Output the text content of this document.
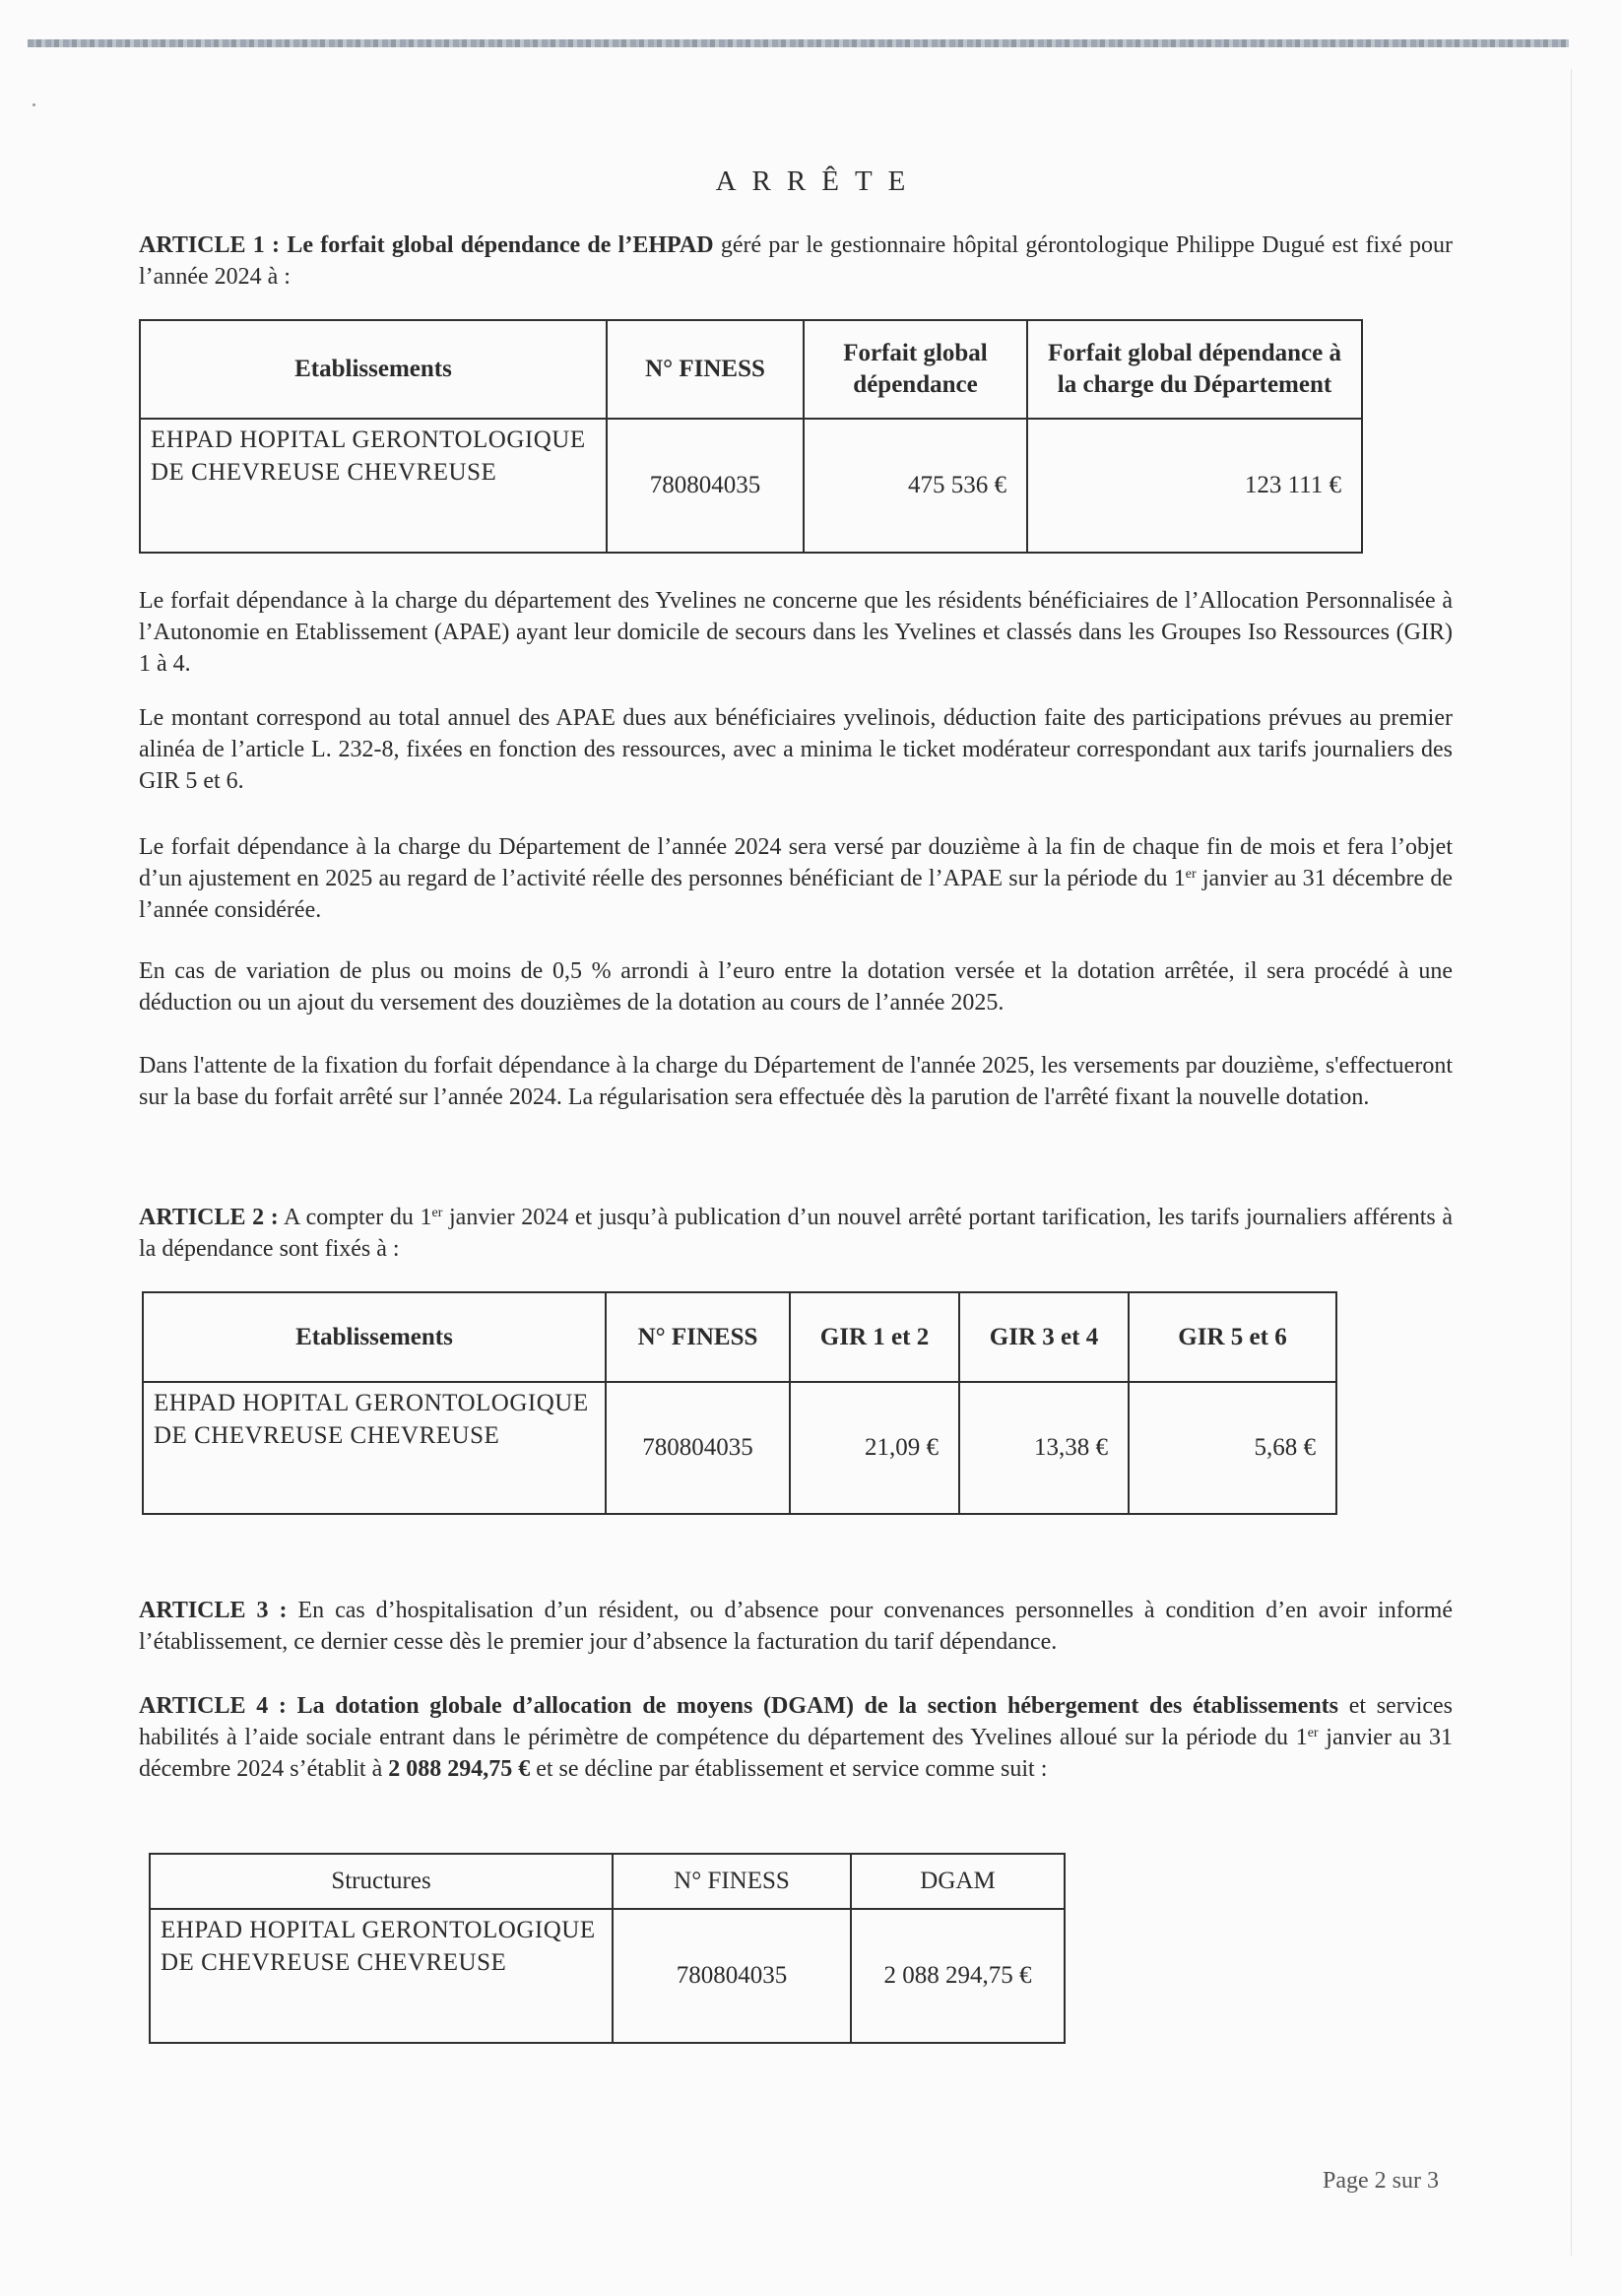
ARRÊTE

ARTICLE 1 : Le forfait global dépendance de l’EHPAD géré par le gestionnaire hôpital gérontologique Philippe Dugué est fixé pour l’année 2024 à :

Etablissements	N° FINESS	Forfait global dépendance	Forfait global dépendance à la charge du Département
EHPAD HOPITAL GERONTOLOGIQUE DE CHEVREUSE CHEVREUSE	780804035	475 536 €	123 111 €

Le forfait dépendance à la charge du département des Yvelines ne concerne que les résidents bénéficiaires de l’Allocation Personnalisée à l’Autonomie en Etablissement (APAE) ayant leur domicile de secours dans les Yvelines et classés dans les Groupes Iso Ressources (GIR) 1 à 4.

Le montant correspond au total annuel des APAE dues aux bénéficiaires yvelinois, déduction faite des participations prévues au premier alinéa de l’article L. 232-8, fixées en fonction des ressources, avec a minima le ticket modérateur correspondant aux tarifs journaliers des GIR 5 et 6.

Le forfait dépendance à la charge du Département de l’année 2024 sera versé par douzième à la fin de chaque fin de mois et fera l’objet d’un ajustement en 2025 au regard de l’activité réelle des personnes bénéficiant de l’APAE sur la période du 1er janvier au 31 décembre de l’année considérée.

En cas de variation de plus ou moins de 0,5 % arrondi à l’euro entre la dotation versée et la dotation arrêtée, il sera procédé à une déduction ou un ajout du versement des douzièmes de la dotation au cours de l’année 2025.

Dans l'attente de la fixation du forfait dépendance à la charge du Département de l'année 2025, les versements par douzième, s'effectueront sur la base du forfait arrêté sur l’année 2024. La régularisation sera effectuée dès la parution de l'arrêté fixant la nouvelle dotation.

ARTICLE 2 : A compter du 1er janvier 2024 et jusqu’à publication d’un nouvel arrêté portant tarification, les tarifs journaliers afférents à la dépendance sont fixés à :

Etablissements	N° FINESS	GIR 1 et 2	GIR 3 et 4	GIR 5 et 6
EHPAD HOPITAL GERONTOLOGIQUE DE CHEVREUSE CHEVREUSE	780804035	21,09 €	13,38 €	5,68 €

ARTICLE 3 : En cas d’hospitalisation d’un résident, ou d’absence pour convenances personnelles à condition d’en avoir informé l’établissement, ce dernier cesse dès le premier jour d’absence la facturation du tarif dépendance.

ARTICLE 4 : La dotation globale d’allocation de moyens (DGAM) de la section hébergement des établissements et services habilités à l’aide sociale entrant dans le périmètre de compétence du département des Yvelines alloué sur la période du 1er janvier au 31 décembre 2024 s’établit à 2 088 294,75 € et se décline par établissement et service comme suit :

Structures	N° FINESS	DGAM
EHPAD HOPITAL GERONTOLOGIQUE DE CHEVREUSE CHEVREUSE	780804035	2 088 294,75 €
Page 2 sur 3
